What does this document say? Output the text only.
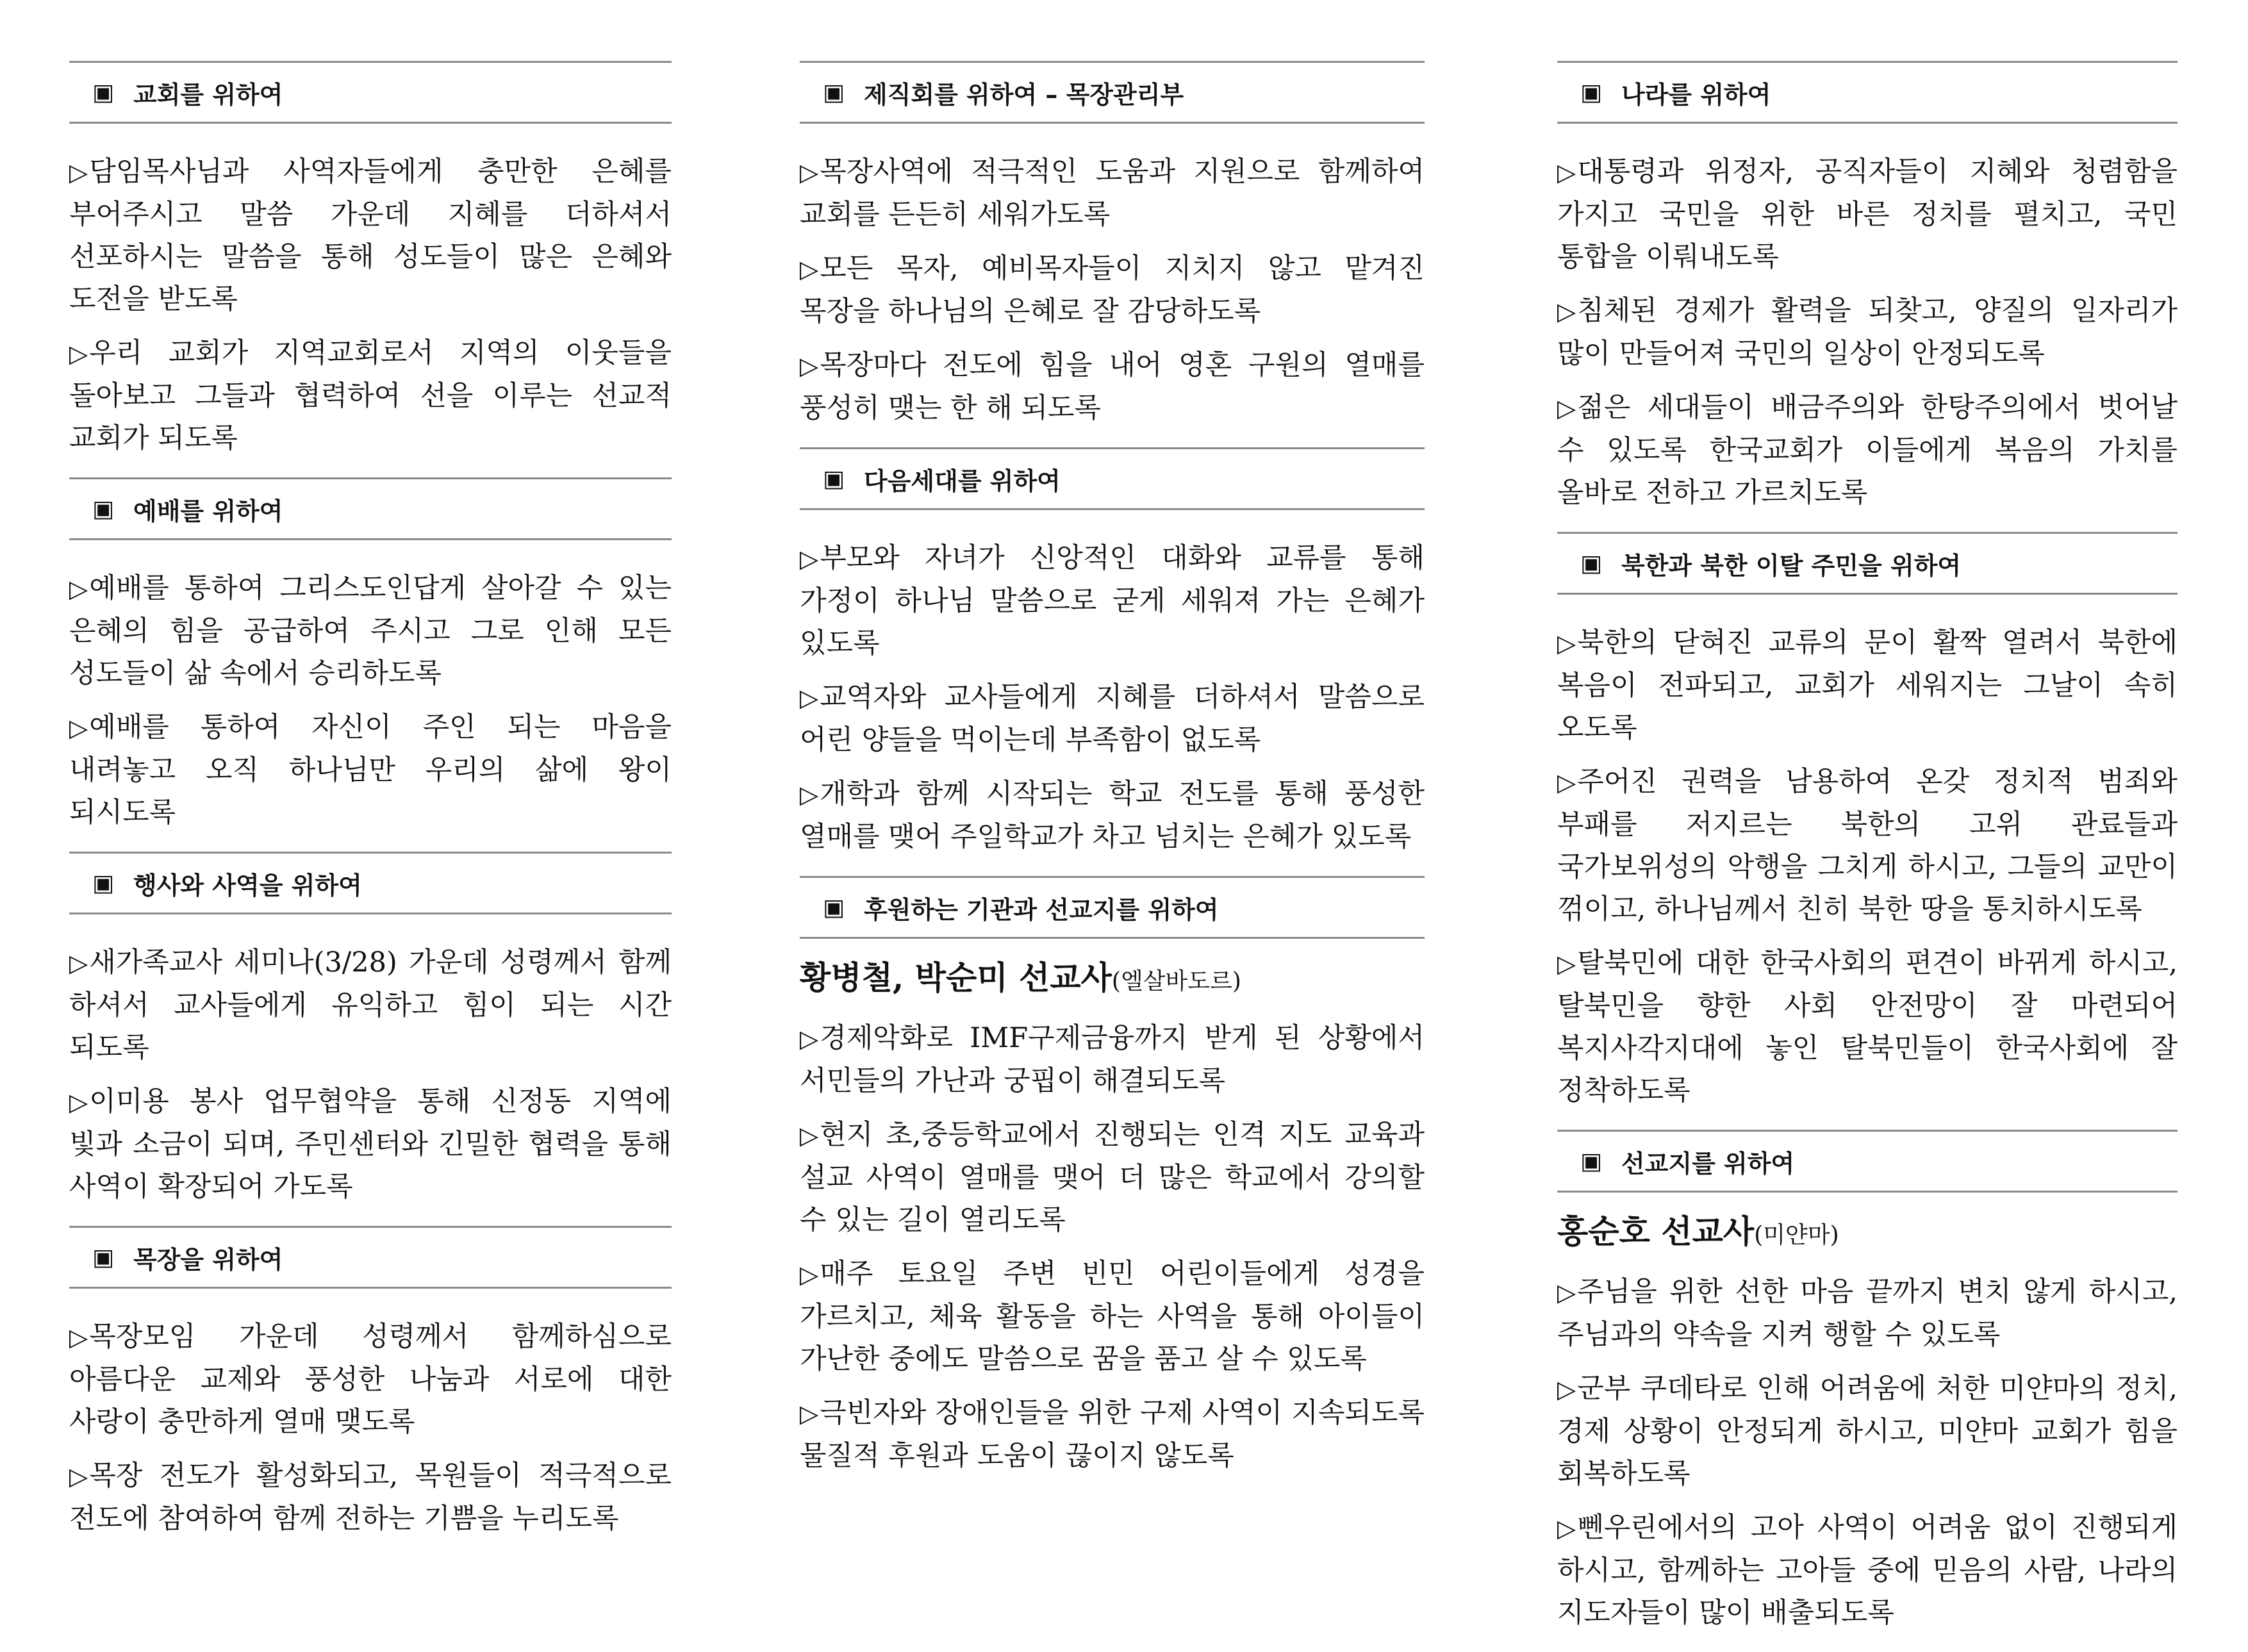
▣ 교회를 위하여
▷담임목사님과 사역자들에게 충만한 은혜를 부어주시고 말씀 가운데 지혜를 더하셔서 선포하시는 말씀을 통해 성도들이 많은 은혜와 도전을 받도록
▷우리 교회가 지역교회로서 지역의 이웃들을 돌아보고 그들과 협력하여 선을 이루는 선교적 교회가 되도록
▣ 예배를 위하여
▷예배를 통하여 그리스도인답게 살아갈 수 있는 은혜의 힘을 공급하여 주시고 그로 인해 모든 성도들이 삶 속에서 승리하도록
▷예배를 통하여 자신이 주인 되는 마음을 내려놓고 오직 하나님만 우리의 삶에 왕이 되시도록
▣ 행사와 사역을 위하여
▷새가족교사 세미나(3/28) 가운데 성령께서 함께 하셔서 교사들에게 유익하고 힘이 되는 시간 되도록
▷이미용 봉사 업무협약을 통해 신정동 지역에 빛과 소금이 되며, 주민센터와 긴밀한 협력을 통해 사역이 확장되어 가도록
▣ 목장을 위하여
▷목장모임 가운데 성령께서 함께하심으로 아름다운 교제와 풍성한 나눔과 서로에 대한 사랑이 충만하게 열매 맺도록
▷목장 전도가 활성화되고, 목원들이 적극적으로 전도에 참여하여 함께 전하는 기쁨을 누리도록
▣ 제직회를 위하여 – 목장관리부
▷목장사역에 적극적인 도움과 지원으로 함께하여 교회를 든든히 세워가도록
▷모든 목자, 예비목자들이 지치지 않고 맡겨진 목장을 하나님의 은혜로 잘 감당하도록
▷목장마다 전도에 힘을 내어 영혼 구원의 열매를 풍성히 맺는 한 해 되도록
▣ 다음세대를 위하여
▷부모와 자녀가 신앙적인 대화와 교류를 통해 가정이 하나님 말씀으로 굳게 세워져 가는 은혜가 있도록
▷교역자와 교사들에게 지혜를 더하셔서 말씀으로 어린 양들을 먹이는데 부족함이 없도록
▷개학과 함께 시작되는 학교 전도를 통해 풍성한 열매를 맺어 주일학교가 차고 넘치는 은혜가 있도록
▣ 후원하는 기관과 선교지를 위하여
황병철, 박순미 선교사(엘살바도르)
▷경제악화로 IMF구제금융까지 받게 된 상황에서 서민들의 가난과 궁핍이 해결되도록
▷현지 초,중등학교에서 진행되는 인격 지도 교육과 설교 사역이 열매를 맺어 더 많은 학교에서 강의할 수 있는 길이 열리도록
▷매주 토요일 주변 빈민 어린이들에게 성경을 가르치고, 체육 활동을 하는 사역을 통해 아이들이 가난한 중에도 말씀으로 꿈을 품고 살 수 있도록
▷극빈자와 장애인들을 위한 구제 사역이 지속되도록 물질적 후원과 도움이 끊이지 않도록
▣ 나라를 위하여
▷대통령과 위정자, 공직자들이 지혜와 청렴함을 가지고 국민을 위한 바른 정치를 펼치고, 국민 통합을 이뤄내도록
▷침체된 경제가 활력을 되찾고, 양질의 일자리가 많이 만들어져 국민의 일상이 안정되도록
▷젊은 세대들이 배금주의와 한탕주의에서 벗어날 수 있도록 한국교회가 이들에게 복음의 가치를 올바로 전하고 가르치도록
▣ 북한과 북한 이탈 주민을 위하여
▷북한의 닫혀진 교류의 문이 활짝 열려서 북한에 복음이 전파되고, 교회가 세워지는 그날이 속히 오도록
▷주어진 권력을 남용하여 온갖 정치적 범죄와 부패를 저지르는 북한의 고위 관료들과 국가보위성의 악행을 그치게 하시고, 그들의 교만이 꺾이고, 하나님께서 친히 북한 땅을 통치하시도록
▷탈북민에 대한 한국사회의 편견이 바뀌게 하시고, 탈북민을 향한 사회 안전망이 잘 마련되어 복지사각지대에 놓인 탈북민들이 한국사회에 잘 정착하도록
▣ 선교지를 위하여
홍순호 선교사(미얀마)
▷주님을 위한 선한 마음 끝까지 변치 않게 하시고, 주님과의 약속을 지켜 행할 수 있도록
▷군부 쿠데타로 인해 어려움에 처한 미얀마의 정치, 경제 상황이 안정되게 하시고, 미얀마 교회가 힘을 회복하도록
▷뻰우린에서의 고아 사역이 어려움 없이 진행되게 하시고, 함께하는 고아들 중에 믿음의 사람, 나라의 지도자들이 많이 배출되도록
